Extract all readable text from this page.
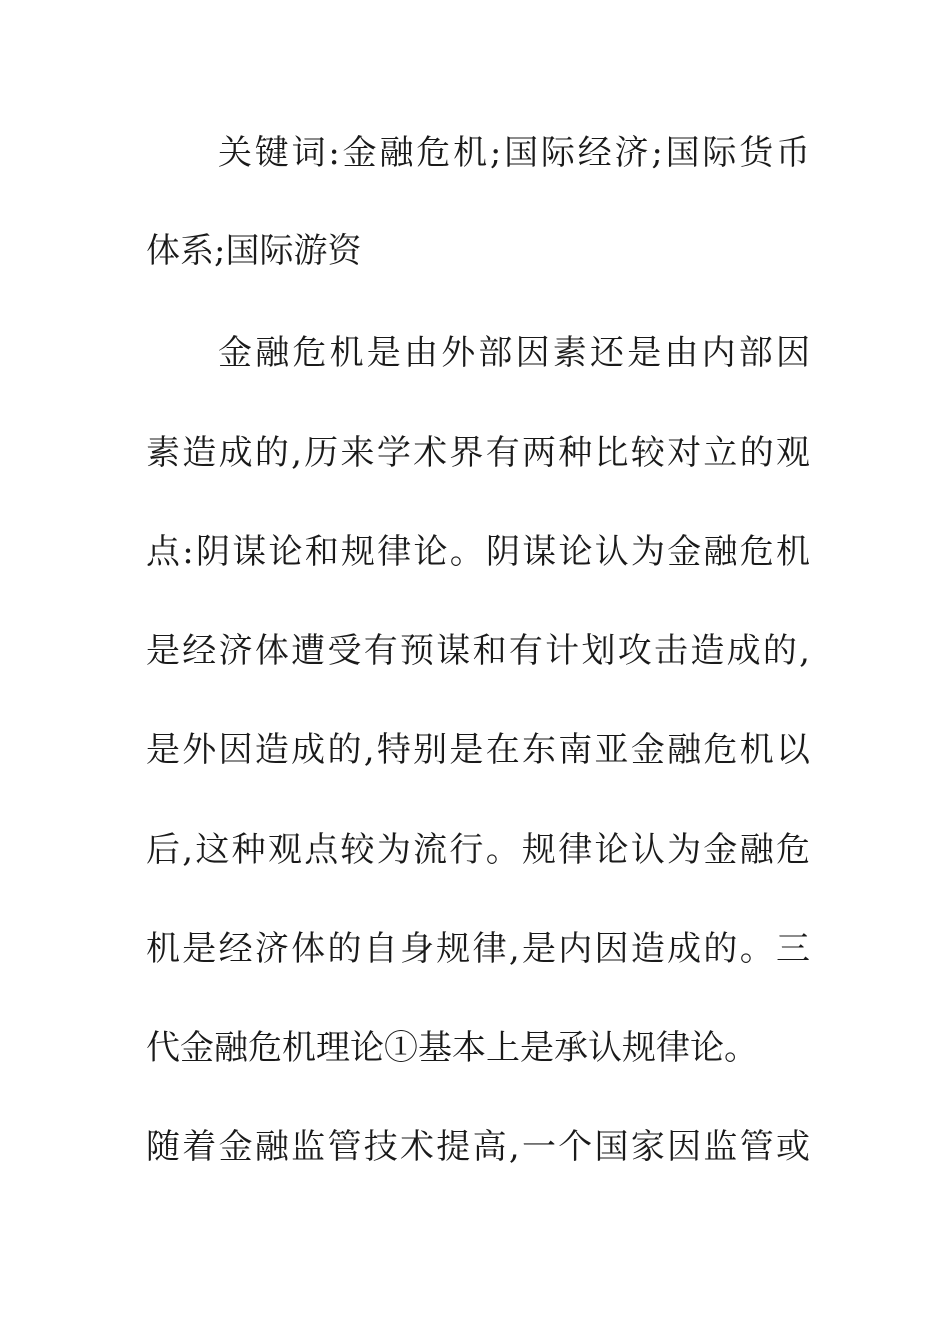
关键词:金融危机;国际经济;国际货币
体系;国际游资
金融危机是由外部因素还是由内部因
素造成的,历来学术界有两种比较对立的观
点:阴谋论和规律论。阴谋论认为金融危机
是经济体遭受有预谋和有计划攻击造成的,
是外因造成的,特别是在东南亚金融危机以
后,这种观点较为流行。规律论认为金融危
机是经济体的自身规律,是内因造成的。三
代金融危机理论①基本上是承认规律论。
随着金融监管技术提高,一个国家因监管或
